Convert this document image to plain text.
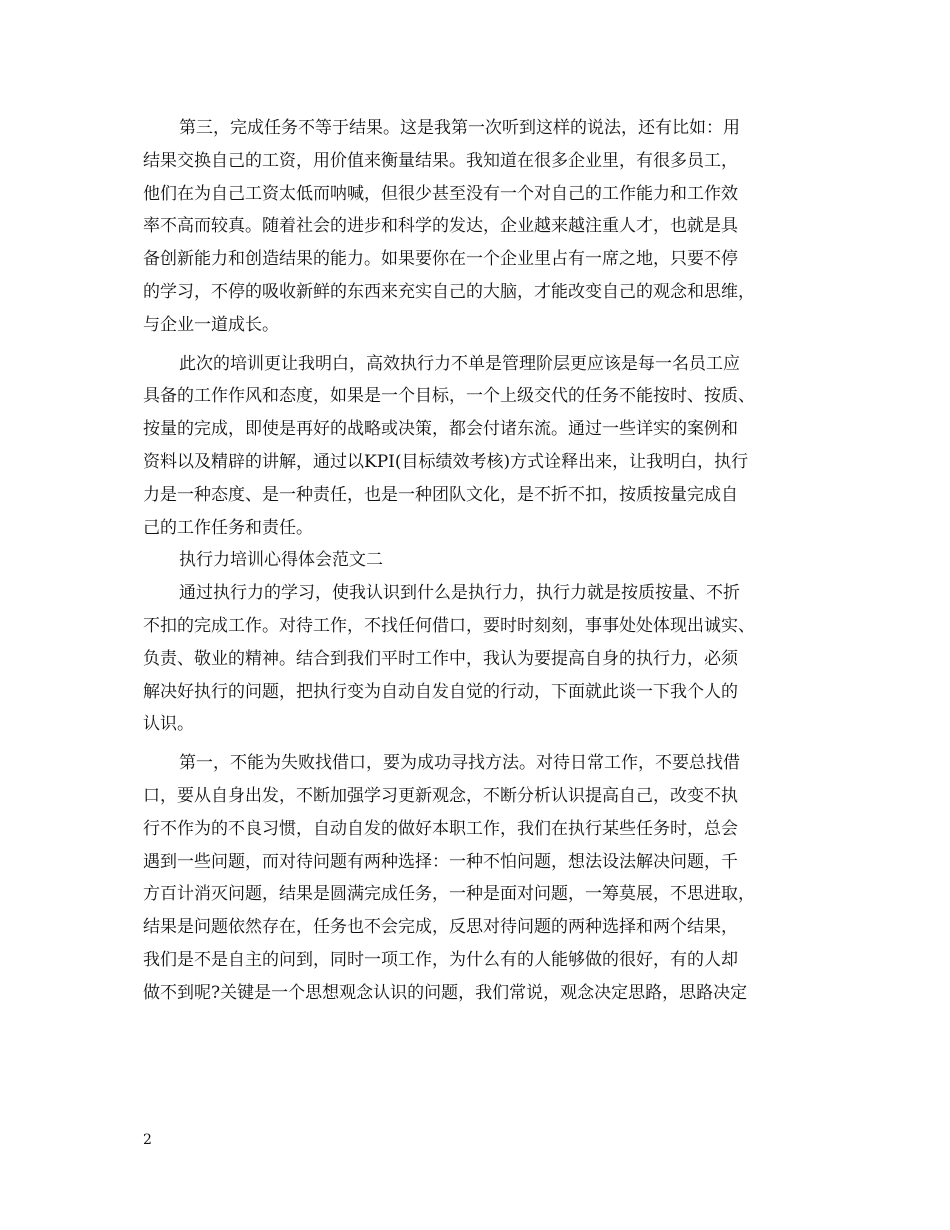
第三，完成任务不等于结果。这是我第一次听到这样的说法，还有比如：用
结果交换自己的工资，用价值来衡量结果。我知道在很多企业里，有很多员工，
他们在为自己工资太低而呐喊，但很少甚至没有一个对自己的工作能力和工作效
率不高而较真。随着社会的进步和科学的发达，企业越来越注重人才，也就是具
备创新能力和创造结果的能力。如果要你在一个企业里占有一席之地，只要不停
的学习，不停的吸收新鲜的东西来充实自己的大脑，才能改变自己的观念和思维，
与企业一道成长。
此次的培训更让我明白，高效执行力不单是管理阶层更应该是每一名员工应
具备的工作作风和态度，如果是一个目标，一个上级交代的任务不能按时、按质、
按量的完成，即使是再好的战略或决策，都会付诸东流。通过一些详实的案例和
资料以及精辟的讲解，通过以KPI(目标绩效考核)方式诠释出来，让我明白，执行
力是一种态度、是一种责任，也是一种团队文化，是不折不扣，按质按量完成自
己的工作任务和责任。
执行力培训心得体会范文二
通过执行力的学习，使我认识到什么是执行力，执行力就是按质按量、不折
不扣的完成工作。对待工作，不找任何借口，要时时刻刻，事事处处体现出诚实、
负责、敬业的精神。结合到我们平时工作中，我认为要提高自身的执行力，必须
解决好执行的问题，把执行变为自动自发自觉的行动，下面就此谈一下我个人的
认识。
第一，不能为失败找借口，要为成功寻找方法。对待日常工作，不要总找借
口，要从自身出发，不断加强学习更新观念，不断分析认识提高自己，改变不执
行不作为的不良习惯，自动自发的做好本职工作，我们在执行某些任务时，总会
遇到一些问题，而对待问题有两种选择：一种不怕问题，想法设法解决问题，千
方百计消灭问题，结果是圆满完成任务，一种是面对问题，一筹莫展，不思进取，
结果是问题依然存在，任务也不会完成，反思对待问题的两种选择和两个结果，
我们是不是自主的问到，同时一项工作，为什么有的人能够做的很好，有的人却
做不到呢?关键是一个思想观念认识的问题，我们常说，观念决定思路，思路决定
2
